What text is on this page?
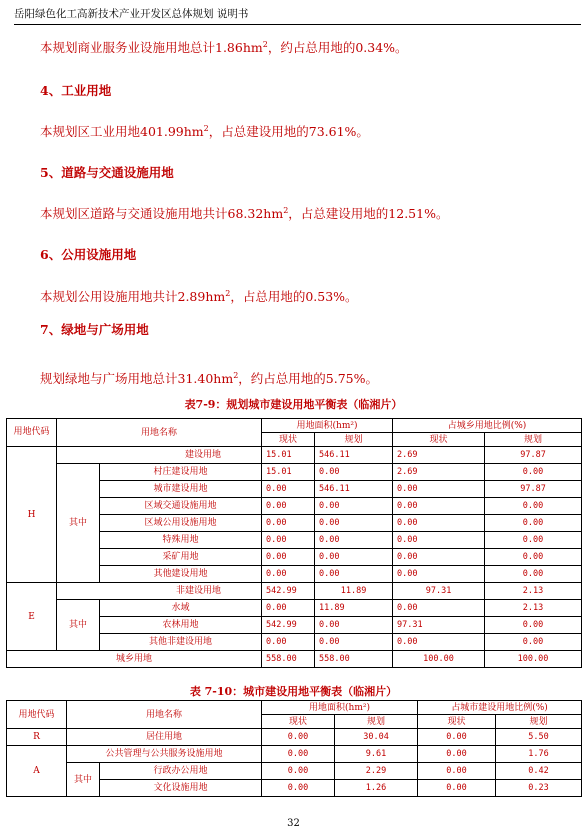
岳阳绿色化工高新技术产业开发区总体规划 说明书
本规划商业服务业设施用地总计$1.86hm^2$，约占总用地的0.34%。
4、工业用地
本规划区工业用地$401.99hm^2$，占总建设用地的73.61%。
5、道路与交通设施用地
本规划区道路与交通设施用地共计$68.32hm^2$，占总建设用地的12.51%。
6、公用设施用地
本规划公用设施用地共计$2.89hm^2$，占总用地的0.53%。
7、绿地与广场用地
规划绿地与广场用地总计$31.40hm^2$，约占总用地的5.75%。
表7-9：规划城市建设用地平衡表（临湘片）
用地代码	用地名称		用地面积(hm²)		占城乡用地比例(%)	
			现状	规划	现状	规划
H	建设用地		15.01	546.11	2.69	97.87
	其中	村庄建设用地	15.01	0.00	2.69	0.00
		城市建设用地	0.00	546.11	0.00	97.87
		区域交通设施用地	0.00	0.00	0.00	0.00
		区域公用设施用地	0.00	0.00	0.00	0.00
		特殊用地	0.00	0.00	0.00	0.00
		采矿用地	0.00	0.00	0.00	0.00
		其他建设用地	0.00	0.00	0.00	0.00
E	非建设用地		542.99	11.89	97.31	2.13
	其中	水域	0.00	11.89	0.00	2.13
		农林用地	542.99	0.00	97.31	0.00
		其他非建设用地	0.00	0.00	0.00	0.00
城乡用地			558.00	558.00	100.00	100.00
表 7-10：城市建设用地平衡表（临湘片）
用地代码	用地名称		用地面积(hm²)		占城市建设用地比例(%)	
			现状	规划	现状	规划
R	居住用地		0.00	30.04	0.00	5.50
A	公共管理与公共服务设施用地		0.00	9.61	0.00	1.76
	其中	行政办公用地	0.00	2.29	0.00	0.42
		文化设施用地	0.00	1.26	0.00	0.23
32
